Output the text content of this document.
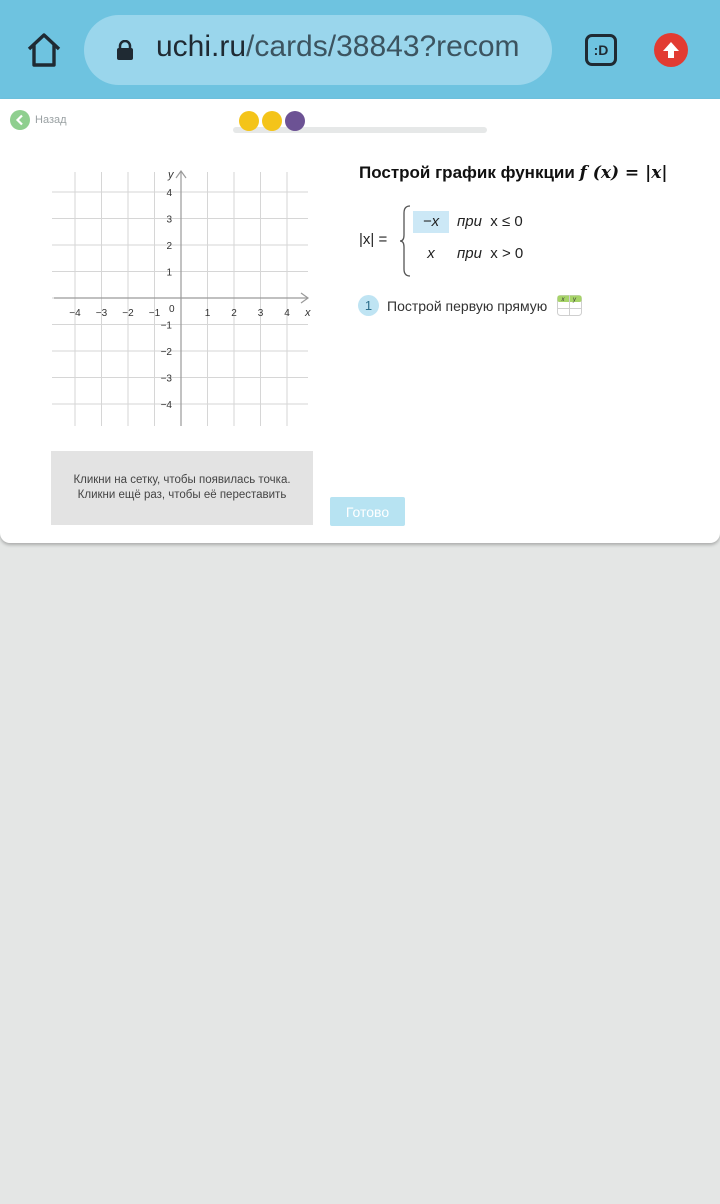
uchi.ru/cards/38843?recom	:D
Назад
x
y
0
−4 −3 −2 −1	1 2 3 4
4
3
2
1
−1
−2
−3
−4
Кликни на сетку, чтобы появилась точка.
Кликни ещё раз, чтобы её переставить
Готово
Построй график функции f (x) = |x|
|x| =
−x	при x ≤ 0
x	при x > 0
1	Построй первую прямую x y
